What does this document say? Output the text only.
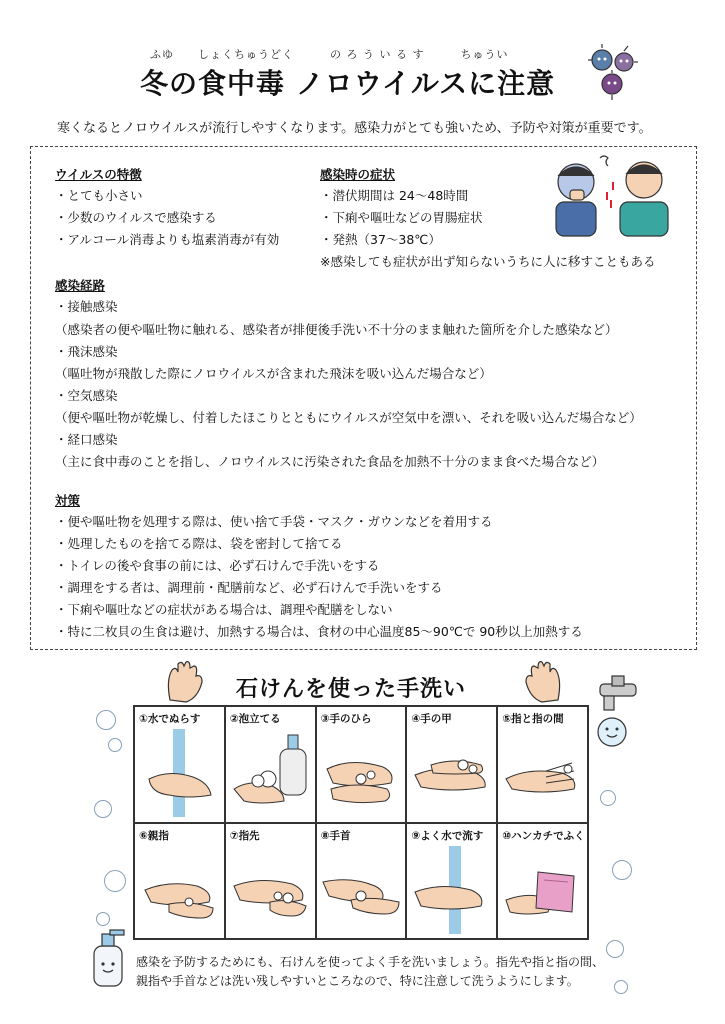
ふゆ　　しょくちゅうどく　　　の ろ う い る す　　　ちゅうい
冬の食中毒 ノロウイルスに注意
寒くなるとノロウイルスが流行しやすくなります。感染力がとても強いため、予防や対策が重要です。
ウイルスの特徴
・とても小さい
・少数のウイルスで感染する
・アルコール消毒よりも塩素消毒が有効
感染時の症状
・潜伏期間は 24～48時間
・下痢や嘔吐などの胃腸症状
・発熱（37～38℃）
※感染しても症状が出ず知らないうちに人に移すこともある
感染経路
・接触感染
（感染者の便や嘔吐物に触れる、感染者が排便後手洗い不十分のまま触れた箇所を介した感染など）
・飛沫感染
（嘔吐物が飛散した際にノロウイルスが含まれた飛沫を吸い込んだ場合など）
・空気感染
（便や嘔吐物が乾燥し、付着したほこりとともにウイルスが空気中を漂い、それを吸い込んだ場合など）
・経口感染
（主に食中毒のことを指し、ノロウイルスに汚染された食品を加熱不十分のまま食べた場合など）
対策
・便や嘔吐物を処理する際は、使い捨て手袋・マスク・ガウンなどを着用する
・処理したものを捨てる際は、袋を密封して捨てる
・トイレの後や食事の前には、必ず石けんで手洗いをする
・調理をする者は、調理前・配膳前など、必ず石けんで手洗いをする
・下痢や嘔吐などの症状がある場合は、調理や配膳をしない
・特に二枚貝の生食は避け、加熱する場合は、食材の中心温度85～90℃で 90秒以上加熱する
石けんを使った手洗い
①水でぬらす	②泡立てる	③手のひら	④手の甲	⑤指と指の間
⑥親指	⑦指先	⑧手首	⑨よく水で流す ⑩ハンカチでふく
感染を予防するためにも、石けんを使ってよく手を洗いましょう。指先や指と指の間、
親指や手首などは洗い残しやすいところなので、特に注意して洗うようにします。
